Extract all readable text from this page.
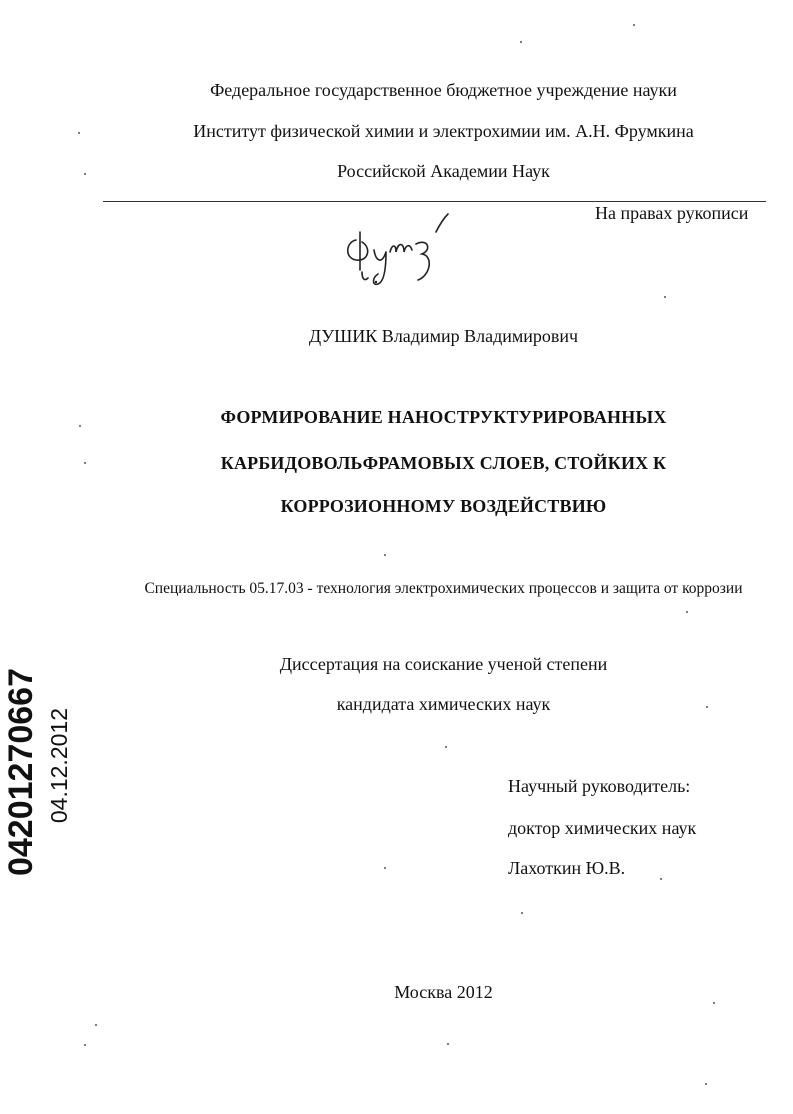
Федеральное государственное бюджетное учреждение науки
Институт физической химии и электрохимии им. А.Н. Фрумкина
Российской Академии Наук
На правах рукописи
ДУШИК Владимир Владимирович
ФОРМИРОВАНИЕ НАНОСТРУКТУРИРОВАННЫХ
КАРБИДОВОЛЬФРАМОВЫХ СЛОЕВ, СТОЙКИХ К
КОРРОЗИОННОМУ ВОЗДЕЙСТВИЮ
Специальность 05.17.03 - технология электрохимических процессов и защита от коррозии
Диссертация на соискание ученой степени
кандидата химических наук
Научный руководитель:
доктор химических наук
Лахоткин Ю.В.
Москва 2012
04201270667 04.12.2012
